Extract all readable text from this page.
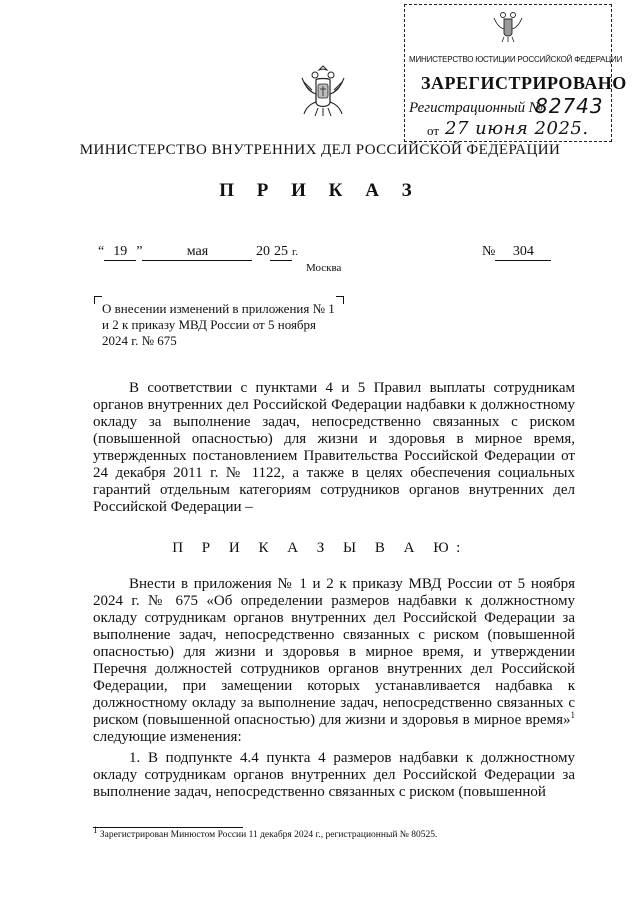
МИНИСТЕРСТВО ЮСТИЦИИ РОССИЙСКОЙ ФЕДЕРАЦИИ
ЗАРЕГИСТРИРОВАНО
Регистрационный №
82743
от 27 июня 2025.
МИНИСТЕРСТВО ВНУТРЕННИХ ДЕЛ РОССИЙСКОЙ ФЕДЕРАЦИИ
П Р И К А З
“ 19 ”	мая	20 25 г.	№ 304
Москва
О внесении изменений в приложения № 1
и 2 к приказу МВД России от 5 ноября
2024 г. № 675
В соответствии с пунктами 4 и 5 Правил выплаты сотрудникам органов внутренних дел Российской Федерации надбавки к должностному окладу за выполнение задач, непосредственно связанных с риском (повышенной опасностью) для жизни и здоровья в мирное время, утвержденных постановлением Правительства Российской Федерации от 24 декабря 2011 г. № 1122, а также в целях обеспечения социальных гарантий отдельным категориям сотрудников органов внутренних дел Российской Федерации –
П Р И К А З Ы В А Ю:
Внести в приложения № 1 и 2 к приказу МВД России от 5 ноября 2024 г. № 675 «Об определении размеров надбавки к должностному окладу сотрудникам органов внутренних дел Российской Федерации за выполнение задач, непосредственно связанных с риском (повышенной опасностью) для жизни и здоровья в мирное время, и утверждении Перечня должностей сотрудников органов внутренних дел Российской Федерации, при замещении которых устанавливается надбавка к должностному окладу за выполнение задач, непосредственно связанных с риском (повышенной опасностью) для жизни и здоровья в мирное время»$^1$ следующие изменения:
1. В подпункте 4.4 пункта 4 размеров надбавки к должностному окладу сотрудникам органов внутренних дел Российской Федерации за выполнение задач, непосредственно связанных с риском (повышенной
$^1$ Зарегистрирован Минюстом России 11 декабря 2024 г., регистрационный № 80525.
